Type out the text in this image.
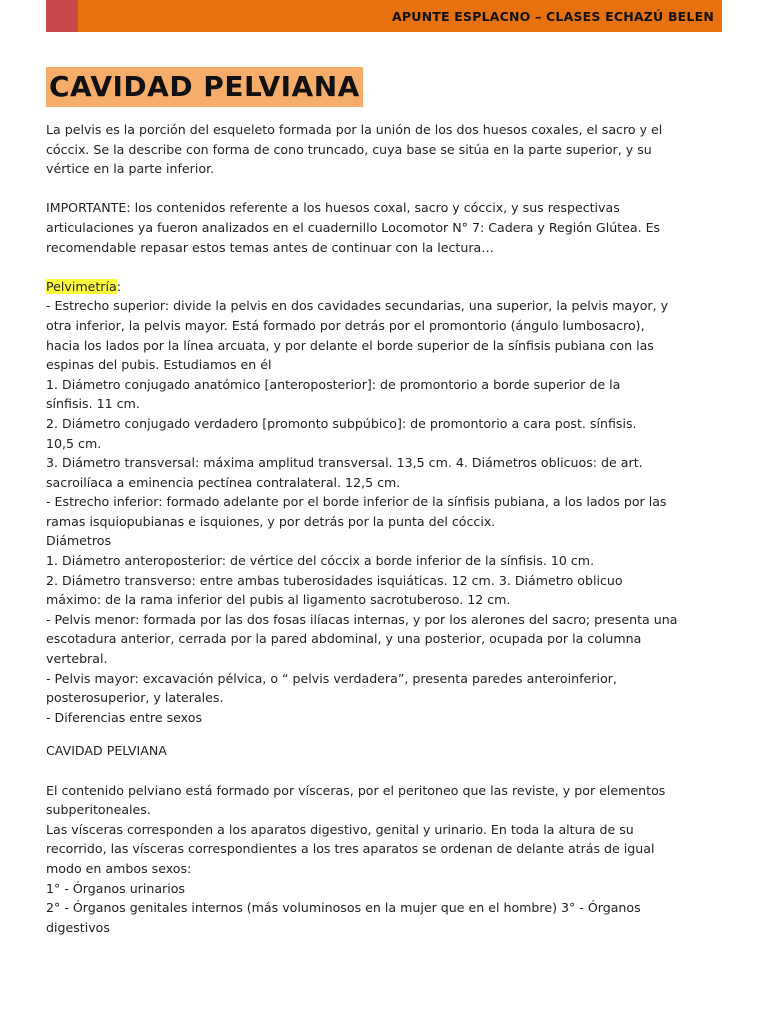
APUNTE ESPLACNO – CLASES ECHAZÚ BELEN
CAVIDAD PELVIANA

La pelvis es la porción del esqueleto formada por la unión de los dos huesos coxales, el sacro y el

cóccix. Se la describe con forma de cono truncado, cuya base se sitúa en la parte superior, y su

vértice en la parte inferior.

IMPORTANTE: los contenidos referente a los huesos coxal, sacro y cóccix, y sus respectivas

articulaciones ya fueron analizados en el cuadernillo Locomotor N° 7: Cadera y Región Glútea. Es

recomendable repasar estos temas antes de continuar con la lectura…

Pelvimetría:

- Estrecho superior: divide la pelvis en dos cavidades secundarias, una superior, la pelvis mayor, y

otra inferior, la pelvis mayor. Está formado por detrás por el promontorio (ángulo lumbosacro),

hacia los lados por la línea arcuata, y por delante el borde superior de la sínfisis pubiana con las

espinas del pubis. Estudiamos en él

1. Diámetro conjugado anatómico [anteroposterior]: de promontorio a borde superior de la

sínfisis. 11 cm.

2. Diámetro conjugado verdadero [promonto subpúbico]: de promontorio a cara post. sínfisis.

10,5 cm.

3. Diámetro transversal: máxima amplitud transversal. 13,5 cm. 4. Diámetros oblicuos: de art.

sacroilíaca a eminencia pectínea contralateral. 12,5 cm.

- Estrecho inferior: formado adelante por el borde inferior de la sínfisis pubiana, a los lados por las

ramas isquiopubianas e isquiones, y por detrás por la punta del cóccix.

Diámetros

1. Diámetro anteroposterior: de vértice del cóccix a borde inferior de la sínfisis. 10 cm.

2. Diámetro transverso: entre ambas tuberosidades isquiáticas. 12 cm. 3. Diámetro oblicuo

máximo: de la rama inferior del pubis al ligamento sacrotuberoso. 12 cm.

- Pelvis menor: formada por las dos fosas ilíacas internas, y por los alerones del sacro; presenta una

escotadura anterior, cerrada por la pared abdominal, y una posterior, ocupada por la columna

vertebral.

- Pelvis mayor: excavación pélvica, o “ pelvis verdadera”, presenta paredes anteroinferior,

posterosuperior, y laterales.

- Diferencias entre sexos

CAVIDAD PELVIANA

El contenido pelviano está formado por vísceras, por el peritoneo que las reviste, y por elementos

subperitoneales.

Las vísceras corresponden a los aparatos digestivo, genital y urinario. En toda la altura de su

recorrido, las vísceras correspondientes a los tres aparatos se ordenan de delante atrás de igual

modo en ambos sexos:

1° - Órganos urinarios

2° - Órganos genitales internos (más voluminosos en la mujer que en el hombre) 3° - Órganos

digestivos
